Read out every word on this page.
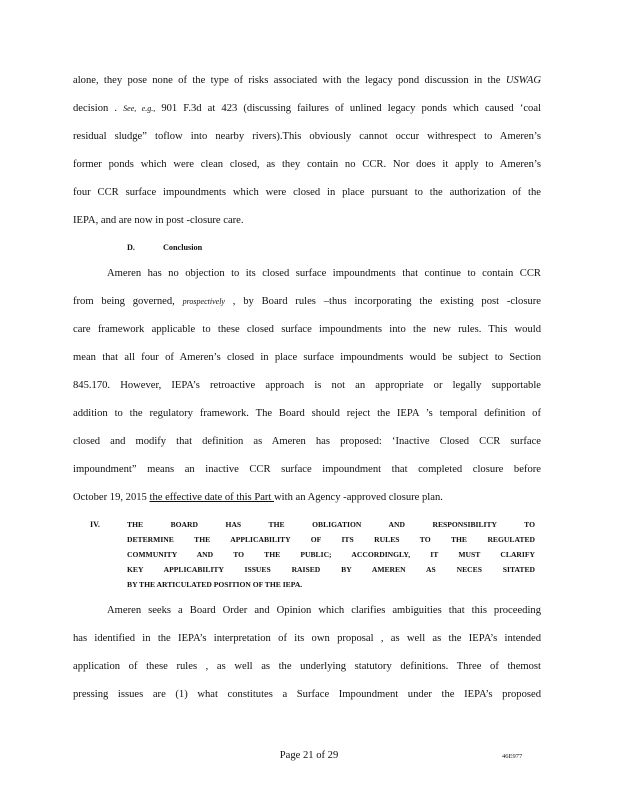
alone, they pose none of the type of risks associated with the legacy pond discussion in the USWAG
decision . See, e.g., 901 F.3d at 423 (discussing failures of unlined legacy ponds which caused ‘coal
residual sludge” toflow into nearby rivers).This obviously cannot occur withrespect to Ameren’s
former ponds which were clean closed, as they contain no CCR. Nor does it apply to Ameren’s
four CCR surface impoundments which were closed in place pursuant to the authorization of the
IEPA, and are now in post -closure care.
D.	Conclusion
Ameren has no objection to its closed surface impoundments that continue to contain CCR
from being governed, prospectively , by Board rules –thus incorporating the existing post -closure
care framework applicable to these closed surface impoundments into the new rules. This would
mean that all four of Ameren’s closed in place surface impoundments would be subject to Section
845.170. However, IEPA’s retroactive approach is not an appropriate or legally supportable
addition to the regulatory framework. The Board should reject the IEPA ’s temporal definition of
closed and modify that definition as Ameren has proposed: ‘Inactive Closed CCR surface
impoundment” means an inactive CCR surface impoundment that completed closure before
October 19, 2015 the effective date of this Part with an Agency -approved closure plan.
IV.	THE BOARD HAS THE OBLIGATION AND RESPONSIBILITY TO
DETERMINE THE APPLICABILITY OF ITS RULES TO THE REGULATED
COMMUNITY AND TO THE PUBLIC; ACCORDINGLY, IT MUST CLARIFY
KEY APPLICABILITY ISSUES RAISED BY AMEREN AS NECES SITATED
BY THE ARTICULATED POSITION OF THE IEPA.
Ameren seeks a Board Order and Opinion which clarifies ambiguities that this proceeding
has identified in the IEPA’s interpretation of its own proposal , as well as the IEPA’s intended
application of these rules , as well as the underlying statutory definitions. Three of themost
pressing issues are (1) what constitutes a Surface Impoundment under the IEPA’s proposed
Page 21 of 29	46E977
